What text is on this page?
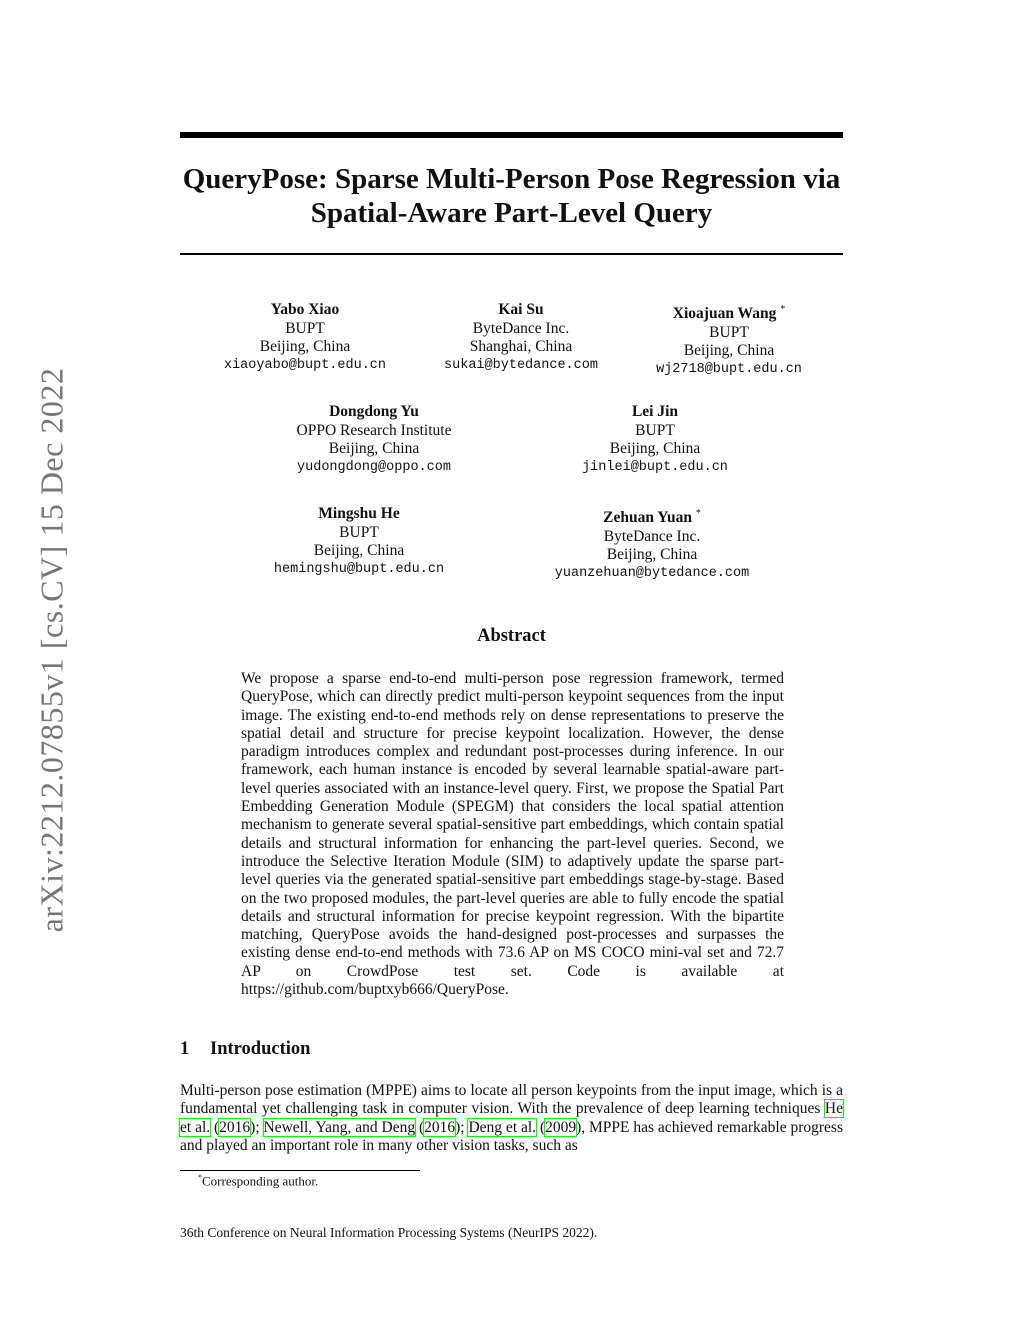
arXiv:2212.07855v1 [cs.CV] 15 Dec 2022
QueryPose: Sparse Multi-Person Pose Regression via
Spatial-Aware Part-Level Query
Yabo Xiao
BUPT
Beijing, China
xiaoyabo@bupt.edu.cn
Kai Su
ByteDance Inc.
Shanghai, China
sukai@bytedance.com
Xioajuan Wang *
BUPT
Beijing, China
wj2718@bupt.edu.cn
Dongdong Yu
OPPO Research Institute
Beijing, China
yudongdong@oppo.com
Lei Jin
BUPT
Beijing, China
jinlei@bupt.edu.cn
Mingshu He
BUPT
Beijing, China
hemingshu@bupt.edu.cn
Zehuan Yuan *
ByteDance Inc.
Beijing, China
yuanzehuan@bytedance.com
Abstract
We propose a sparse end-to-end multi-person pose regression framework, termed QueryPose, which can directly predict multi-person keypoint sequences from the input image. The existing end-to-end methods rely on dense representations to preserve the spatial detail and structure for precise keypoint localization. However, the dense paradigm introduces complex and redundant post-processes during inference. In our framework, each human instance is encoded by several learnable spatial-aware part-level queries associated with an instance-level query. First, we propose the Spatial Part Embedding Generation Module (SPEGM) that considers the local spatial attention mechanism to generate several spatial-sensitive part embeddings, which contain spatial details and structural information for enhancing the part-level queries. Second, we introduce the Selective Iteration Module (SIM) to adaptively update the sparse part-level queries via the generated spatial-sensitive part embeddings stage-by-stage. Based on the two proposed modules, the part-level queries are able to fully encode the spatial details and structural information for precise keypoint regression. With the bipartite matching, QueryPose avoids the hand-designed post-processes and surpasses the existing dense end-to-end methods with 73.6 AP on MS COCO mini-val set and 72.7 AP on CrowdPose test set. Code is available at https://github.com/buptxyb666/QueryPose.
1 Introduction
Multi-person pose estimation (MPPE) aims to locate all person keypoints from the input image, which is a fundamental yet challenging task in computer vision. With the prevalence of deep learning techniques He et al. (2016); Newell, Yang, and Deng (2016); Deng et al. (2009), MPPE has achieved remarkable progress and played an important role in many other vision tasks, such as
*Corresponding author.
36th Conference on Neural Information Processing Systems (NeurIPS 2022).
